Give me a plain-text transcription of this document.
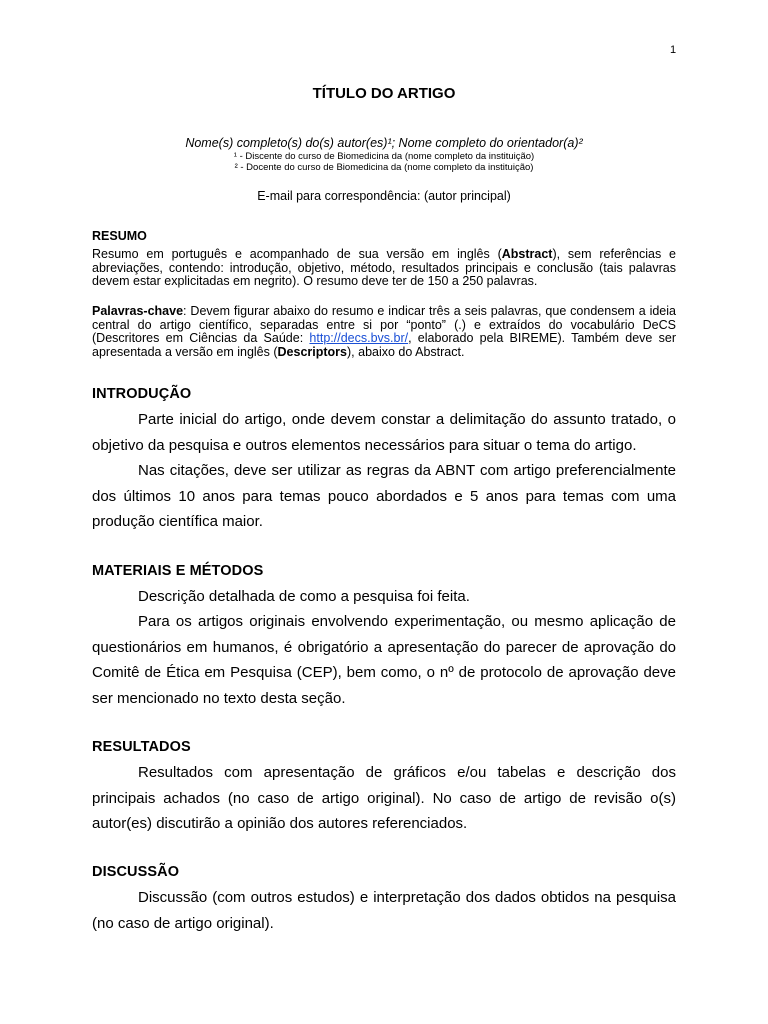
1
TÍTULO DO ARTIGO
Nome(s) completo(s) do(s) autor(es)¹; Nome completo do orientador(a)²
¹ - Discente do curso de Biomedicina da (nome completo da instituição)
² - Docente do curso de Biomedicina da (nome completo da instituição)
E-mail para correspondência: (autor principal)
RESUMO
Resumo em português e acompanhado de sua versão em inglês (Abstract), sem referências e abreviações, contendo: introdução, objetivo, método, resultados principais e conclusão (tais palavras devem estar explicitadas em negrito). O resumo deve ter de 150 a 250 palavras.
Palavras-chave: Devem figurar abaixo do resumo e indicar três a seis palavras, que condensem a ideia central do artigo científico, separadas entre si por “ponto” (.) e extraídos do vocabulário DeCS (Descritores em Ciências da Saúde: http://decs.bvs.br/, elaborado pela BIREME). Também deve ser apresentada a versão em inglês (Descriptors), abaixo do Abstract.
INTRODUÇÃO

Parte inicial do artigo, onde devem constar a delimitação do assunto tratado, o objetivo da pesquisa e outros elementos necessários para situar o tema do artigo.

Nas citações, deve ser utilizar as regras da ABNT com artigo preferencialmente dos últimos 10 anos para temas pouco abordados e 5 anos para temas com uma produção científica maior.

MATERIAIS E MÉTODOS

Descrição detalhada de como a pesquisa foi feita.

Para os artigos originais envolvendo experimentação, ou mesmo aplicação de questionários em humanos, é obrigatório a apresentação do parecer de aprovação do Comitê de Ética em Pesquisa (CEP), bem como, o nº de protocolo de aprovação deve ser mencionado no texto desta seção.

RESULTADOS

Resultados com apresentação de gráficos e/ou tabelas e descrição dos principais achados (no caso de artigo original). No caso de artigo de revisão o(s) autor(es) discutirão a opinião dos autores referenciados.

DISCUSSÃO

Discussão (com outros estudos) e interpretação dos dados obtidos na pesquisa (no caso de artigo original).
